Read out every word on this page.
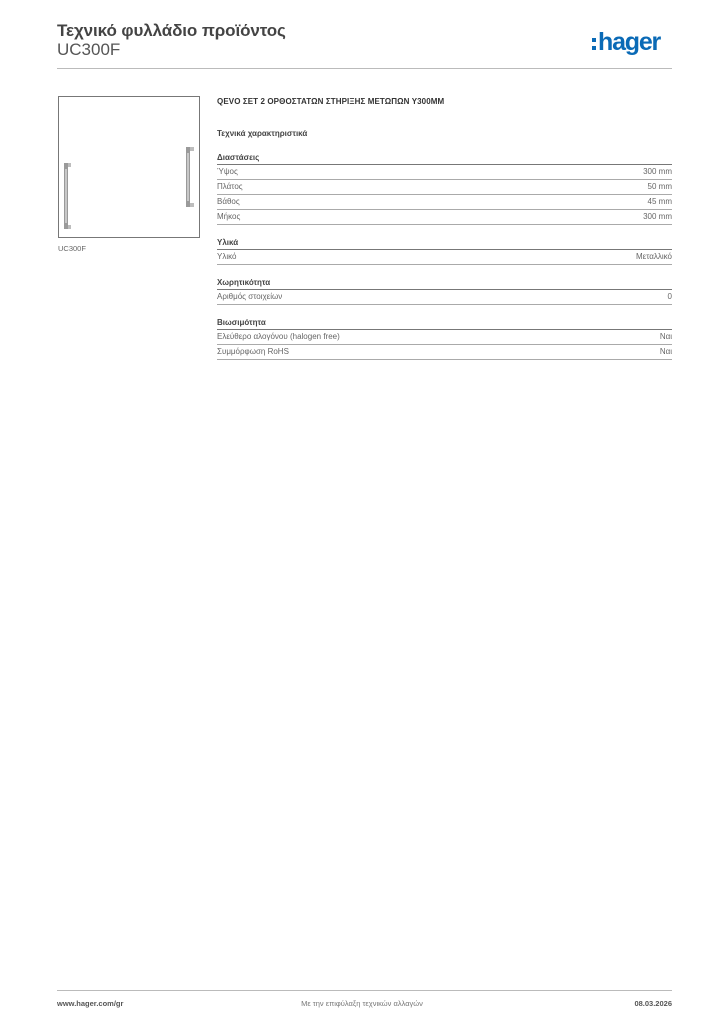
Τεχνικό φυλλάδιο προϊόντος
UC300F	hager
UC300F
QEVO ΣΕΤ 2 ΟΡΘΟΣΤΑΤΩΝ ΣΤΗΡΙΞΗΣ ΜΕΤΩΠΩΝ Υ300ΜΜ
Τεχνικά χαρακτηριστικά
Διαστάσεις
Ύψος	300 mm
Πλάτος	50 mm
Βάθος	45 mm
Μήκος	300 mm
Υλικά
Υλικό	Μεταλλικό
Χωρητικότητα
Αριθμός στοιχείων	0
Βιωσιμότητα
Ελεύθερο αλογόνου (halogen free)	Ναι
Συμμόρφωση RoHS	Ναι
www.hager.com/gr	Με την επιφύλαξη τεχνικών αλλαγών	08.03.2026
